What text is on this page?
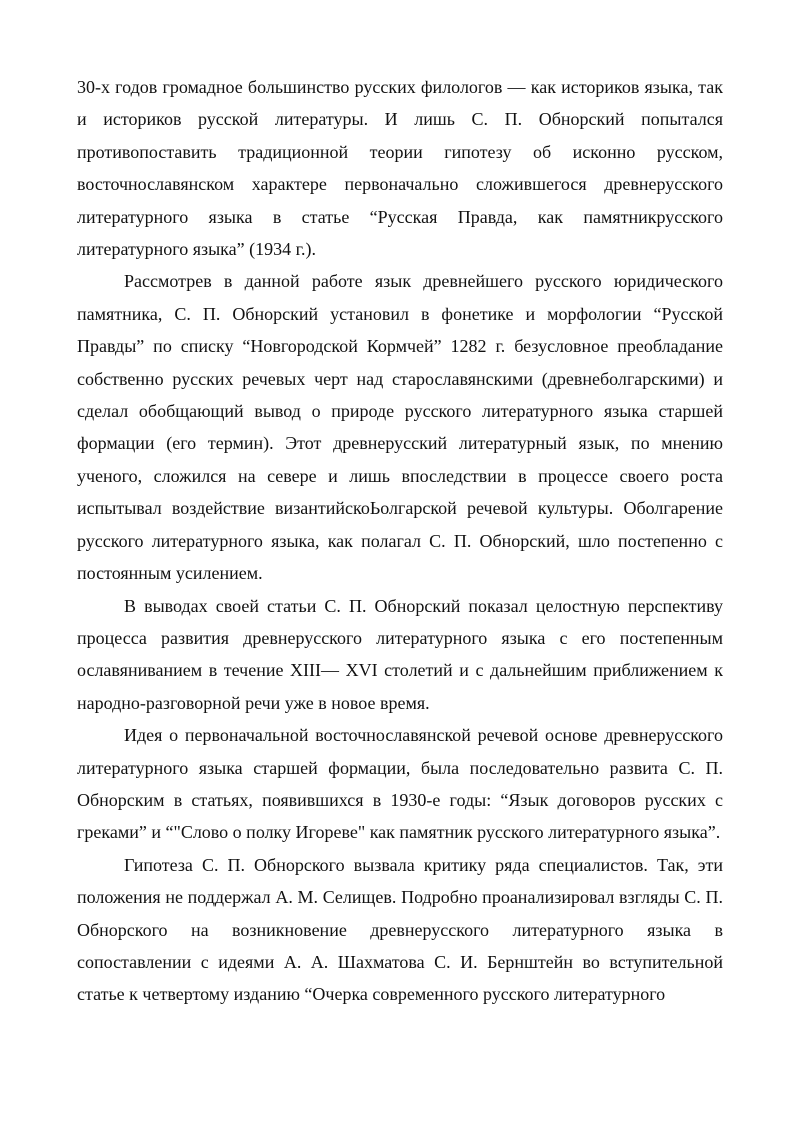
30-х годов громадное большинство русских филологов — как историков языка, так и историков русской литературы. И лишь С. П. Обнорский попытался противопоставить традиционной теории гипотезу об исконно русском, восточнославянском характере первоначально сложившегося древнерусского литературного языка в статье “Русская Правда, как памятникрусского литературного языка” (1934 г.).

Рассмотрев в данной работе язык древнейшего русского юридического памятника, С. П. Обнорский установил в фонетике и морфологии “Русской Правды” по списку “Новгородской Кормчей” 1282 г. безусловное преобладание собственно русских речевых черт над старославянскими (древнеболгарскими) и сделал обобщающий вывод о природе русского литературного языка старшей формации (его термин). Этот древнерусский литературный язык, по мнению ученого, сложился на севере и лишь впоследствии в процессе своего роста испытывал воздействие византийскоЬолгарской речевой культуры. Оболгарение русского литературного языка, как полагал С. П. Обнорский, шло постепенно с постоянным усилением.

В выводах своей статьи С. П. Обнорский показал целостную перспективу процесса развития древнерусского литературного языка с его постепенным ославяниванием в течение XIII— XVI столетий и с дальнейшим приближением к народно-разговорной речи уже в новое время.

Идея о первоначальной восточнославянской речевой основе древнерусского литературного языка старшей формации, была последовательно развита С. П. Обнорским в статьях, появившихся в 1930-е годы: “Язык договоров русских с греками” и “"Слово о полку Игореве" как памятник русского литературного языка”.

Гипотеза С. П. Обнорского вызвала критику ряда специалистов. Так, эти положения не поддержал А. М. Селищев. Подробно проанализировал взгляды С. П. Обнорского на возникновение древнерусского литературного языка в сопоставлении с идеями А. А. Шахматова С. И. Бернштейн во вступительной статье к четвертому изданию “Очерка современного русского литературного
